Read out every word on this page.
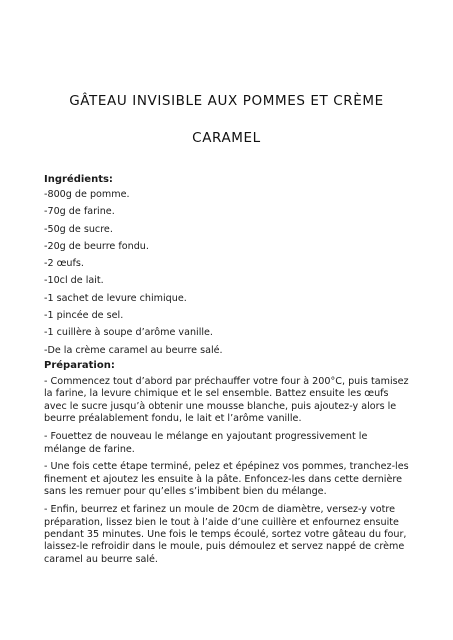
GÂTEAU INVISIBLE AUX POMMES ET CRÈME
CARAMEL

Ingrédients:

-800g de pomme.
-70g de farine.
-50g de sucre.
-20g de beurre fondu.
-2 œufs.
-10cl de lait.
-1 sachet de levure chimique.
-1 pincée de sel.
-1 cuillère à soupe d’arôme vanille.
-De la crème caramel au beurre salé.

Préparation:

- Commencez tout d’abord par préchauffer votre four à 200°C, puis tamisez la farine, la levure chimique et le sel ensemble. Battez ensuite les œufs avec le sucre jusqu’à obtenir une mousse blanche, puis ajoutez-y alors le beurre préalablement fondu, le lait et l’arôme vanille.

- Fouettez de nouveau le mélange en yajoutant progressivement le mélange de farine.

- Une fois cette étape terminé, pelez et épépinez vos pommes, tranchez-les finement et ajoutez les ensuite à la pâte. Enfoncez-les dans cette dernière sans les remuer pour qu’elles s’imbibent bien du mélange.

- Enfin, beurrez et farinez un moule de 20cm de diamètre, versez-y votre préparation, lissez bien le tout à l’aide d’une cuillère et enfournez ensuite pendant 35 minutes. Une fois le temps écoulé, sortez votre gâteau du four, laissez-le refroidir dans le moule, puis démoulez et servez nappé de crème caramel au beurre salé.
